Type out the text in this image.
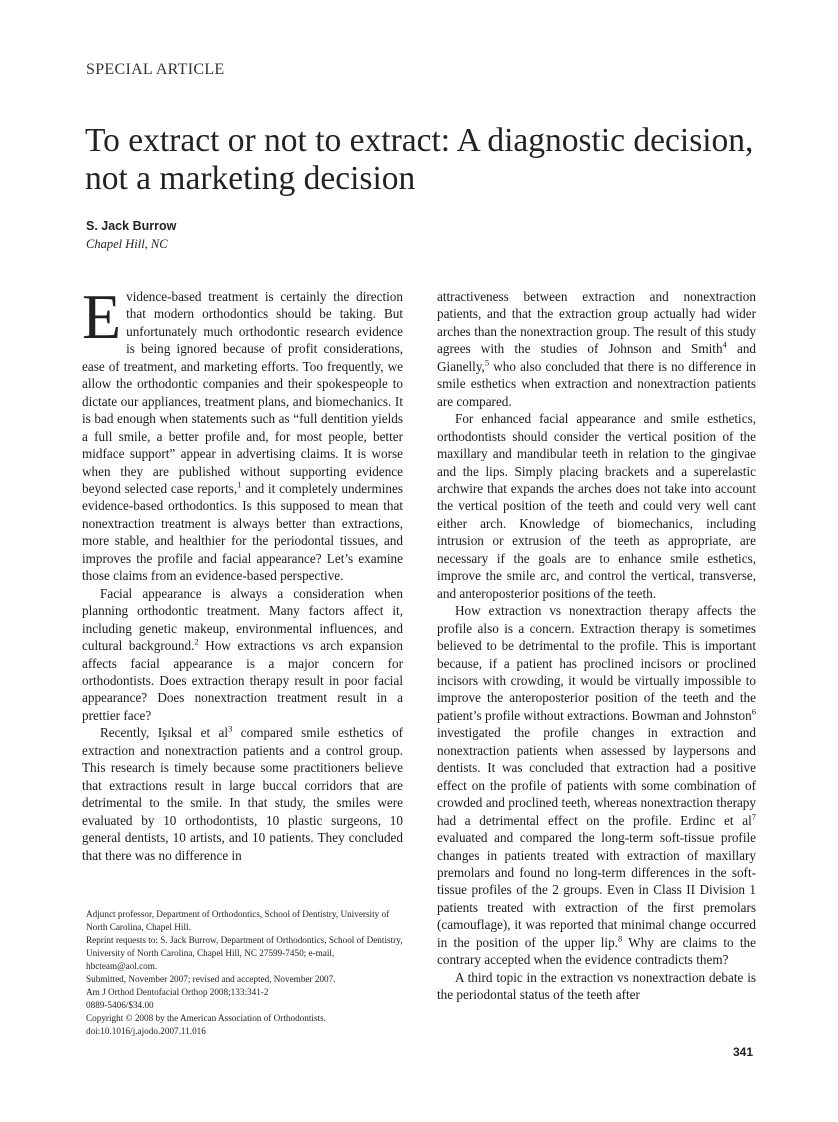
SPECIAL ARTICLE
To extract or not to extract: A diagnostic decision, not a marketing decision
S. Jack Burrow
Chapel Hill, NC

Evidence-based treatment is certainly the direction that modern orthodontics should be taking. But unfortunately much orthodontic research evidence is being ignored because of profit considerations, ease of treatment, and marketing efforts. Too frequently, we allow the orthodontic companies and their spokespeople to dictate our appliances, treatment plans, and biomechanics. It is bad enough when statements such as “full dentition yields a full smile, a better profile and, for most people, better midface support” appear in advertising claims. It is worse when they are published without supporting evidence beyond selected case reports,$^1$ and it completely undermines evidence-based orthodontics. Is this supposed to mean that nonextraction treatment is always better than extractions, more stable, and healthier for the periodontal tissues, and improves the profile and facial appearance? Let’s examine those claims from an evidence-based perspective.

Facial appearance is always a consideration when planning orthodontic treatment. Many factors affect it, including genetic makeup, environmental influences, and cultural background.$^2$ How extractions vs arch expansion affects facial appearance is a major concern for orthodontists. Does extraction therapy result in poor facial appearance? Does nonextraction treatment result in a prettier face?

Recently, Işıksal et $al^3$ compared smile esthetics of extraction and nonextraction patients and a control group. This research is timely because some practitioners believe that extractions result in large buccal corridors that are detrimental to the smile. In that study, the smiles were evaluated by 10 orthodontists, 10 plastic surgeons, 10 general dentists, 10 artists, and 10 patients. They concluded that there was no difference in

attractiveness between extraction and nonextraction patients, and that the extraction group actually had wider arches than the nonextraction group. The result of this study agrees with the studies of Johnson and Smith$^4$ and Gianelly,$^5$ who also concluded that there is no difference in smile esthetics when extraction and nonextraction patients are compared.

For enhanced facial appearance and smile esthetics, orthodontists should consider the vertical position of the maxillary and mandibular teeth in relation to the gingivae and the lips. Simply placing brackets and a superelastic archwire that expands the arches does not take into account the vertical position of the teeth and could very well cant either arch. Knowledge of biomechanics, including intrusion or extrusion of the teeth as appropriate, are necessary if the goals are to enhance smile esthetics, improve the smile arc, and control the vertical, transverse, and anteroposterior positions of the teeth.

How extraction vs nonextraction therapy affects the profile also is a concern. Extraction therapy is sometimes believed to be detrimental to the profile. This is important because, if a patient has proclined incisors or proclined incisors with crowding, it would be virtually impossible to improve the anteroposterior position of the teeth and the patient’s profile without extractions. Bowman and Johnston$^6$ investigated the profile changes in extraction and nonextraction patients when assessed by laypersons and dentists. It was concluded that extraction had a positive effect on the profile of patients with some combination of crowded and proclined teeth, whereas nonextraction therapy had a detrimental effect on the profile. Erdinc et $al^7$ evaluated and compared the long-term soft-tissue profile changes in patients treated with extraction of maxillary premolars and found no long-term differences in the soft-tissue profiles of the 2 groups. Even in Class II Division 1 patients treated with extraction of the first premolars (camouflage), it was reported that minimal change occurred in the position of the upper lip.$^8$ Why are claims to the contrary accepted when the evidence contradicts them?

A third topic in the extraction vs nonextraction debate is the periodontal status of the teeth after

Adjunct professor, Department of Orthodontics, School of Dentistry, University of North Carolina, Chapel Hill.

Reprint requests to: S. Jack Burrow, Department of Orthodontics, School of Dentistry, University of North Carolina, Chapel Hill, NC 27599-7450; e-mail, hbcteam@aol.com.

Submitted, November 2007; revised and accepted, November 2007.

Am J Orthod Dentofacial Orthop 2008;133:341-2

0889-5406/$34.00

Copyright © 2008 by the American Association of Orthodontists.

doi:10.1016/j.ajodo.2007.11.016

341
